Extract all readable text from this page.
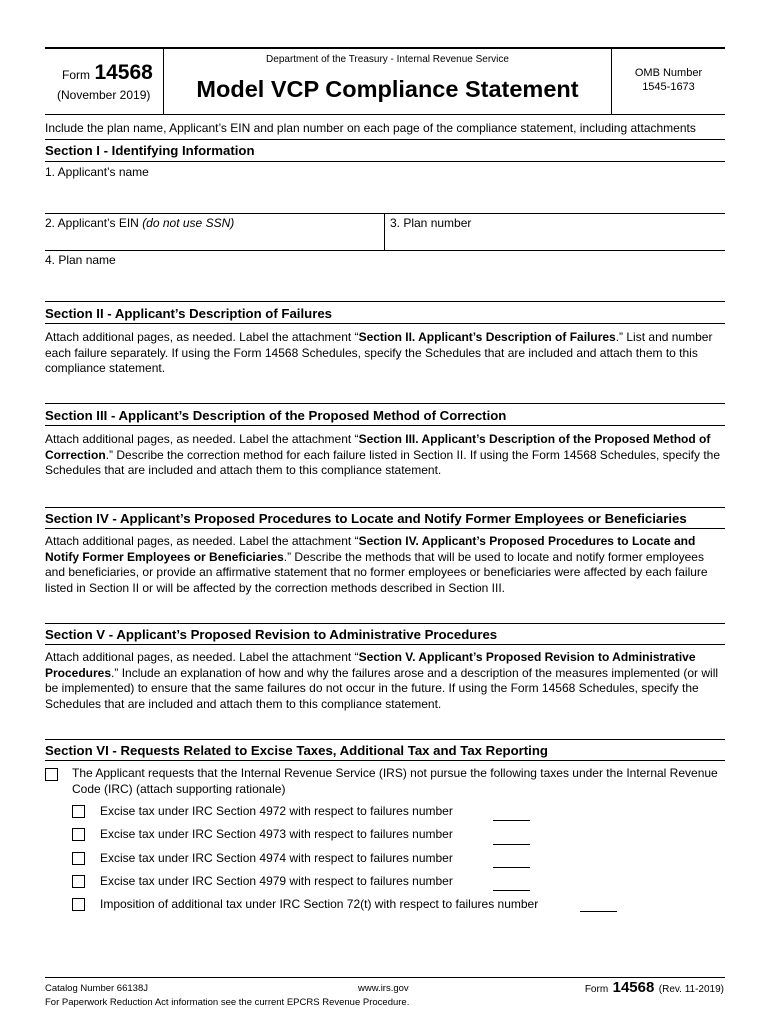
Form 14568
(November 2019)
Department of the Treasury - Internal Revenue Service
Model VCP Compliance Statement
OMB Number
1545-1673
Include the plan name, Applicant’s EIN and plan number on each page of the compliance statement, including attachments
Section I - Identifying Information
1. Applicant’s name
2. Applicant’s EIN (do not use SSN)	3. Plan number
4. Plan name
Section II - Applicant’s Description of Failures
Attach additional pages, as needed. Label the attachment “Section II. Applicant’s Description of Failures.” List and number each failure separately. If using the Form 14568 Schedules, specify the Schedules that are included and attach them to this compliance statement.
Section III - Applicant’s Description of the Proposed Method of Correction
Attach additional pages, as needed. Label the attachment “Section III. Applicant’s Description of the Proposed Method of Correction.” Describe the correction method for each failure listed in Section II. If using the Form 14568 Schedules, specify the Schedules that are included and attach them to this compliance statement.
Section IV - Applicant’s Proposed Procedures to Locate and Notify Former Employees or Beneficiaries
Attach additional pages, as needed. Label the attachment “Section IV. Applicant’s Proposed Procedures to Locate and Notify Former Employees or Beneficiaries.” Describe the methods that will be used to locate and notify former employees and beneficiaries, or provide an affirmative statement that no former employees or beneficiaries were affected by each failure listed in Section II or will be affected by the correction methods described in Section III.
Section V - Applicant’s Proposed Revision to Administrative Procedures
Attach additional pages, as needed. Label the attachment “Section V. Applicant’s Proposed Revision to Administrative Procedures.” Include an explanation of how and why the failures arose and a description of the measures implemented (or will be implemented) to ensure that the same failures do not occur in the future. If using the Form 14568 Schedules, specify the Schedules that are included and attach them to this compliance statement.
Section VI - Requests Related to Excise Taxes, Additional Tax and Tax Reporting
The Applicant requests that the Internal Revenue Service (IRS) not pursue the following taxes under the Internal Revenue Code (IRC) (attach supporting rationale)
Excise tax under IRC Section 4972 with respect to failures number
Excise tax under IRC Section 4973 with respect to failures number
Excise tax under IRC Section 4974 with respect to failures number
Excise tax under IRC Section 4979 with respect to failures number
Imposition of additional tax under IRC Section 72(t) with respect to failures number
Catalog Number 66138J	www.irs.gov
For Paperwork Reduction Act information see the current EPCRS Revenue Procedure.
Form 14568 (Rev. 11-2019)
